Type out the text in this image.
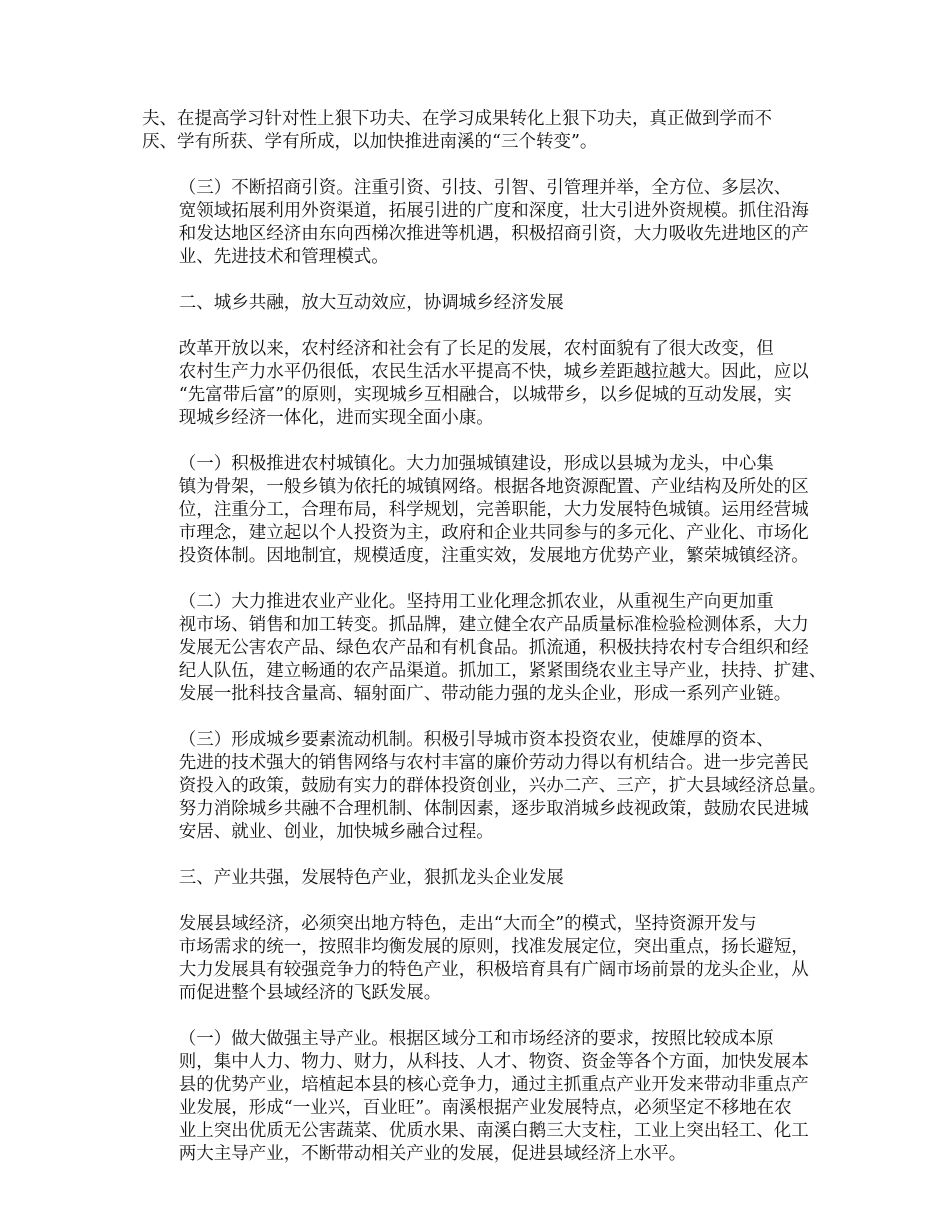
夫、在提高学习针对性上狠下功夫、在学习成果转化上狠下功夫，真正做到学而不
厌、学有所获、学有所成，以加快推进南溪的“三个转变”。
（三）不断招商引资。注重引资、引技、引智、引管理并举，全方位、多层次、
宽领域拓展利用外资渠道，拓展引进的广度和深度，壮大引进外资规模。抓住沿海
和发达地区经济由东向西梯次推进等机遇，积极招商引资，大力吸收先进地区的产
业、先进技术和管理模式。
二、城乡共融，放大互动效应，协调城乡经济发展
改革开放以来，农村经济和社会有了长足的发展，农村面貌有了很大改变，但
农村生产力水平仍很低，农民生活水平提高不快，城乡差距越拉越大。因此，应以
“先富带后富”的原则，实现城乡互相融合，以城带乡，以乡促城的互动发展，实
现城乡经济一体化，进而实现全面小康。
（一）积极推进农村城镇化。大力加强城镇建设，形成以县城为龙头，中心集
镇为骨架，一般乡镇为依托的城镇网络。根据各地资源配置、产业结构及所处的区
位，注重分工，合理布局，科学规划，完善职能，大力发展特色城镇。运用经营城
市理念，建立起以个人投资为主，政府和企业共同参与的多元化、产业化、市场化
投资体制。因地制宜，规模适度，注重实效，发展地方优势产业，繁荣城镇经济。
（二）大力推进农业产业化。坚持用工业化理念抓农业，从重视生产向更加重
视市场、销售和加工转变。抓品牌，建立健全农产品质量标准检验检测体系，大力
发展无公害农产品、绿色农产品和有机食品。抓流通，积极扶持农村专合组织和经
纪人队伍，建立畅通的农产品渠道。抓加工，紧紧围绕农业主导产业，扶持、扩建、
发展一批科技含量高、辐射面广、带动能力强的龙头企业，形成一系列产业链。
（三）形成城乡要素流动机制。积极引导城市资本投资农业，使雄厚的资本、
先进的技术强大的销售网络与农村丰富的廉价劳动力得以有机结合。进一步完善民
资投入的政策，鼓励有实力的群体投资创业，兴办二产、三产，扩大县域经济总量。
努力消除城乡共融不合理机制、体制因素，逐步取消城乡歧视政策，鼓励农民进城
安居、就业、创业，加快城乡融合过程。
三、产业共强，发展特色产业，狠抓龙头企业发展
发展县域经济，必须突出地方特色，走出“大而全”的模式，坚持资源开发与
市场需求的统一，按照非均衡发展的原则，找准发展定位，突出重点，扬长避短，
大力发展具有较强竞争力的特色产业，积极培育具有广阔市场前景的龙头企业，从
而促进整个县域经济的飞跃发展。
（一）做大做强主导产业。根据区域分工和市场经济的要求，按照比较成本原
则，集中人力、物力、财力，从科技、人才、物资、资金等各个方面，加快发展本
县的优势产业，培植起本县的核心竞争力，通过主抓重点产业开发来带动非重点产
业发展，形成“一业兴，百业旺”。南溪根据产业发展特点，必须坚定不移地在农
业上突出优质无公害蔬菜、优质水果、南溪白鹅三大支柱，工业上突出轻工、化工
两大主导产业，不断带动相关产业的发展，促进县域经济上水平。
